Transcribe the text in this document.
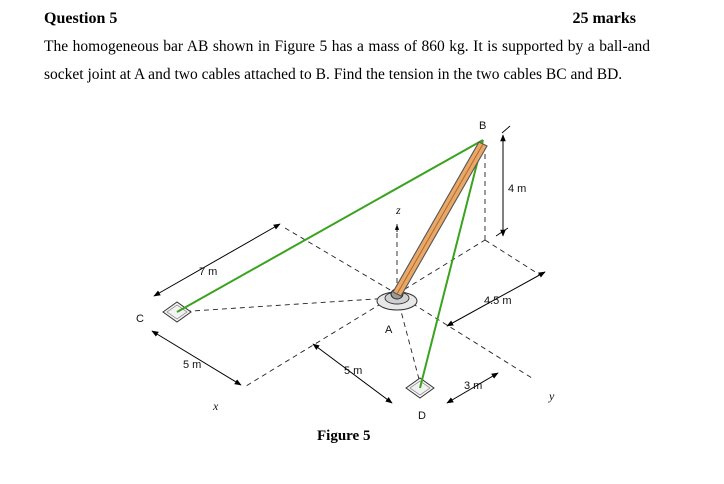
Question 5	25 marks

The homogeneous bar AB shown in Figure 5 has a mass of 860 kg. It is supported by a ball-and socket joint at A and two cables attached to B. Find the tension in the two cables BC and BD.

B
C
A
D
z
x
y
4 m
7 m
5 m	5 m
4.5 m
3 m
Figure 5
